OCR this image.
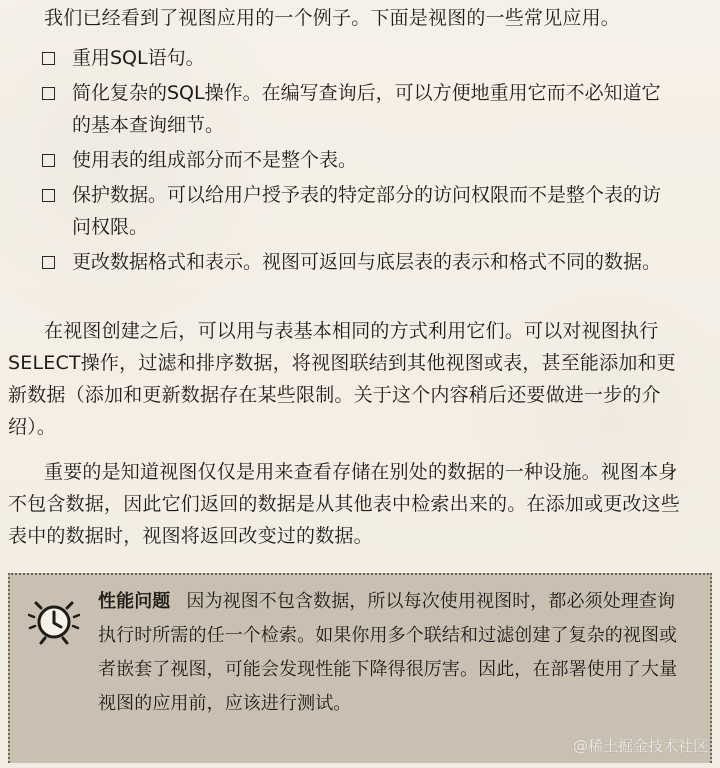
我们已经看到了视图应用的一个例子。下面是视图的一些常见应用。

重用SQL语句。
简化复杂的SQL操作。在编写查询后，可以方便地重用它而不必知道它的基本查询细节。
使用表的组成部分而不是整个表。
保护数据。可以给用户授予表的特定部分的访问权限而不是整个表的访问权限。
更改数据格式和表示。视图可返回与底层表的表示和格式不同的数据。

在视图创建之后，可以用与表基本相同的方式利用它们。可以对视图执行SELECT操作，过滤和排序数据，将视图联结到其他视图或表，甚至能添加和更新数据（添加和更新数据存在某些限制。关于这个内容稍后还要做进一步的介绍）。

重要的是知道视图仅仅是用来查看存储在别处的数据的一种设施。视图本身不包含数据，因此它们返回的数据是从其他表中检索出来的。在添加或更改这些表中的数据时，视图将返回改变过的数据。

性能问题 因为视图不包含数据，所以每次使用视图时，都必须处理查询执行时所需的任一个检索。如果你用多个联结和过滤创建了复杂的视图或者嵌套了视图，可能会发现性能下降得很厉害。因此，在部署使用了大量视图的应用前，应该进行测试。
@稀土掘金技术社区
